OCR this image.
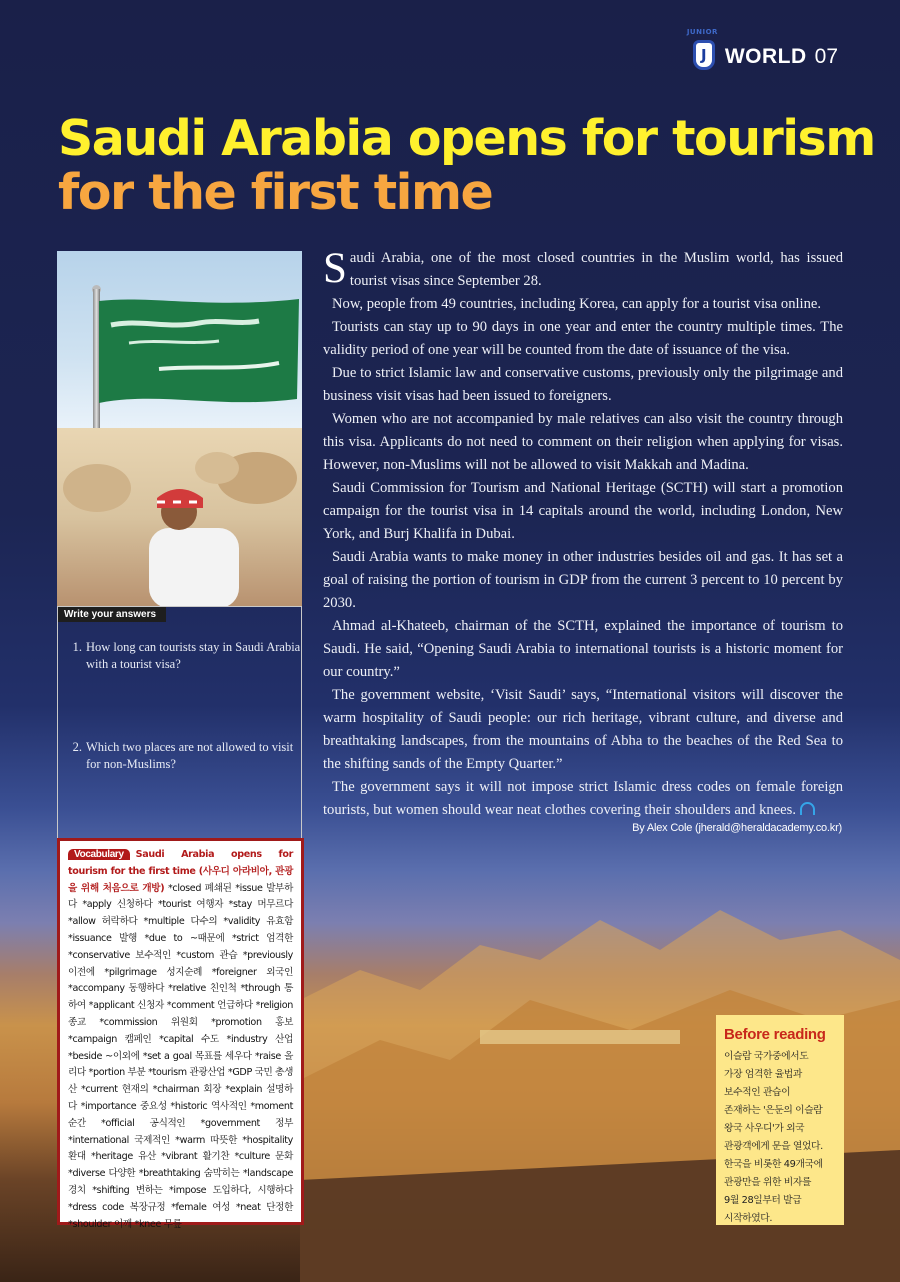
JUNIOR
J WORLD 07
Saudi Arabia opens for tourism
for the first time
Write your answers
1. How long can tourists stay in Saudi Arabia with a tourist visa?
2. Which two places are not allowed to visit for non-Muslims?

Saudi Arabia, one of the most closed countries in the Muslim world, has issued tourist visas since September 28.

Now, people from 49 countries, including Korea, can apply for a tourist visa online.

Tourists can stay up to 90 days in one year and enter the country multiple times. The validity period of one year will be counted from the date of issuance of the visa.

Due to strict Islamic law and conservative customs, previously only the pilgrimage and business visit visas had been issued to foreigners.

Women who are not accompanied by male relatives can also visit the country through this visa. Applicants do not need to comment on their religion when applying for visas. However, non-Muslims will not be allowed to visit Makkah and Madina.

Saudi Commission for Tourism and National Heritage (SCTH) will start a promotion campaign for the tourist visa in 14 capitals around the world, including London, New York, and Burj Khalifa in Dubai.

Saudi Arabia wants to make money in other industries besides oil and gas. It has set a goal of raising the portion of tourism in GDP from the current 3 percent to 10 percent by 2030.

Ahmad al-Khateeb, chairman of the SCTH, explained the importance of tourism to Saudi. He said, “Opening Saudi Arabia to international tourists is a historic moment for our country.”

The government website, ‘Visit Saudi’ says, “International visitors will discover the warm hospitality of Saudi people: our rich heritage, vibrant culture, and diverse and breathtaking landscapes, from the mountains of Abha to the beaches of the Red Sea to the shifting sands of the Empty Quarter.”

The government says it will not impose strict Islamic dress codes on female foreign tourists, but women should wear neat clothes covering their shoulders and knees.

By Alex Cole (jherald@heraldacademy.co.kr)
Vocabulary Saudi Arabia opens for tourism for the first time (사우디 아라비아, 관광을 위해 처음으로 개방) *closed 폐쇄된 *issue 발부하다 *apply 신청하다 *tourist 여행자 *stay 머무르다 *allow 허락하다 *multiple 다수의 *validity 유효함 *issuance 발행 *due to ~때문에 *strict 엄격한 *conservative 보수적인 *custom 관습 *previously 이전에 *pilgrimage 성지순례 *foreigner 외국인 *accompany 동행하다 *relative 친인척 *through 통하여 *applicant 신청자 *comment 언급하다 *religion 종교 *commission 위원회 *promotion 홍보 *campaign 캠페인 *capital 수도 *industry 산업 *beside ~이외에 *set a goal 목표를 세우다 *raise 올리다 *portion 부분 *tourism 관광산업 *GDP 국민 총생산 *current 현재의 *chairman 회장 *explain 설명하다 *importance 중요성 *historic 역사적인 *moment 순간 *official 공식적인 *government 정부 *international 국제적인 *warm 따뜻한 *hospitality 환대 *heritage 유산 *vibrant 활기찬 *culture 문화 *diverse 다양한 *breathtaking 숨막히는 *landscape 경치 *shifting 변하는 *impose 도입하다, 시행하다 *dress code 복장규정 *female 여성 *neat 단정한 *shoulder 어깨 *knee 무릎
Before reading
이슬람 국가중에서도
가장 엄격한 율법과
보수적인 관습이
존재하는 '은둔의 이슬람
왕국 사우디'가 외국
관광객에게 문을 열었다.
한국을 비롯한 49개국에
관광만을 위한 비자를
9월 28일부터 발급
시작하였다.
